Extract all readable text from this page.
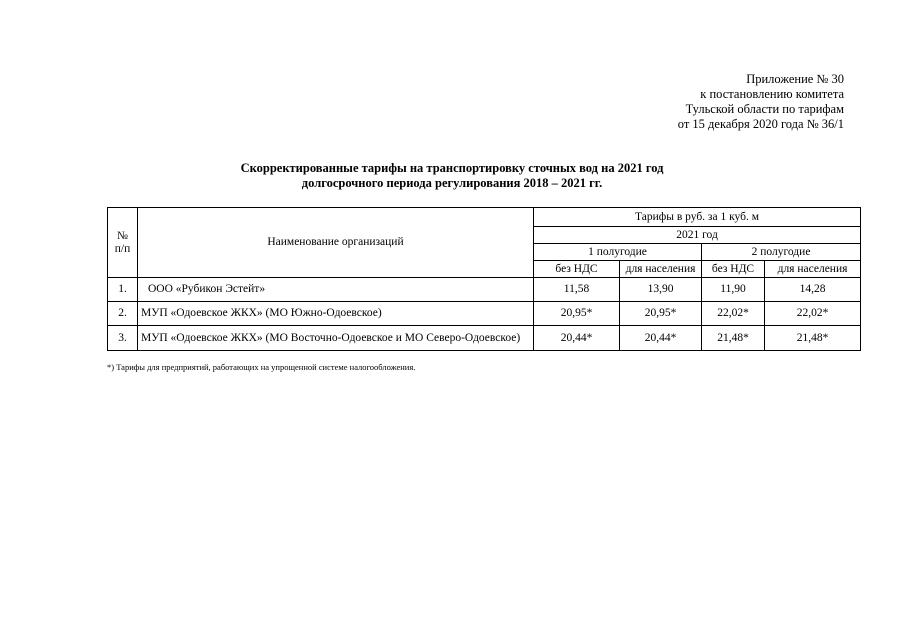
Приложение № 30
к постановлению комитета
Тульской области по тарифам
от 15 декабря 2020 года № 36/1
Скорректированные тарифы на транспортировку сточных вод на 2021 год
долгосрочного периода регулирования 2018 – 2021 гг.
№ п/п	Наименование организаций	Тарифы в руб. за 1 куб. м			
		2021 год			
		1 полугодие		2 полугодие	
		без НДС	для населения	без НДС	для населения
1.	ООО «Рубикон Эстейт»	11,58	13,90	11,90	14,28
2.	МУП «Одоевское ЖКХ» (МО Южно-Одоевское)	20,95*	20,95*	22,02*	22,02*
3.	МУП «Одоевское ЖКХ» (МО Восточно-Одоевское и МО Северо-Одоевское)	20,44*	20,44*	21,48*	21,48*
*) Тарифы для предприятий, работающих на упрощенной системе налогообложения.
